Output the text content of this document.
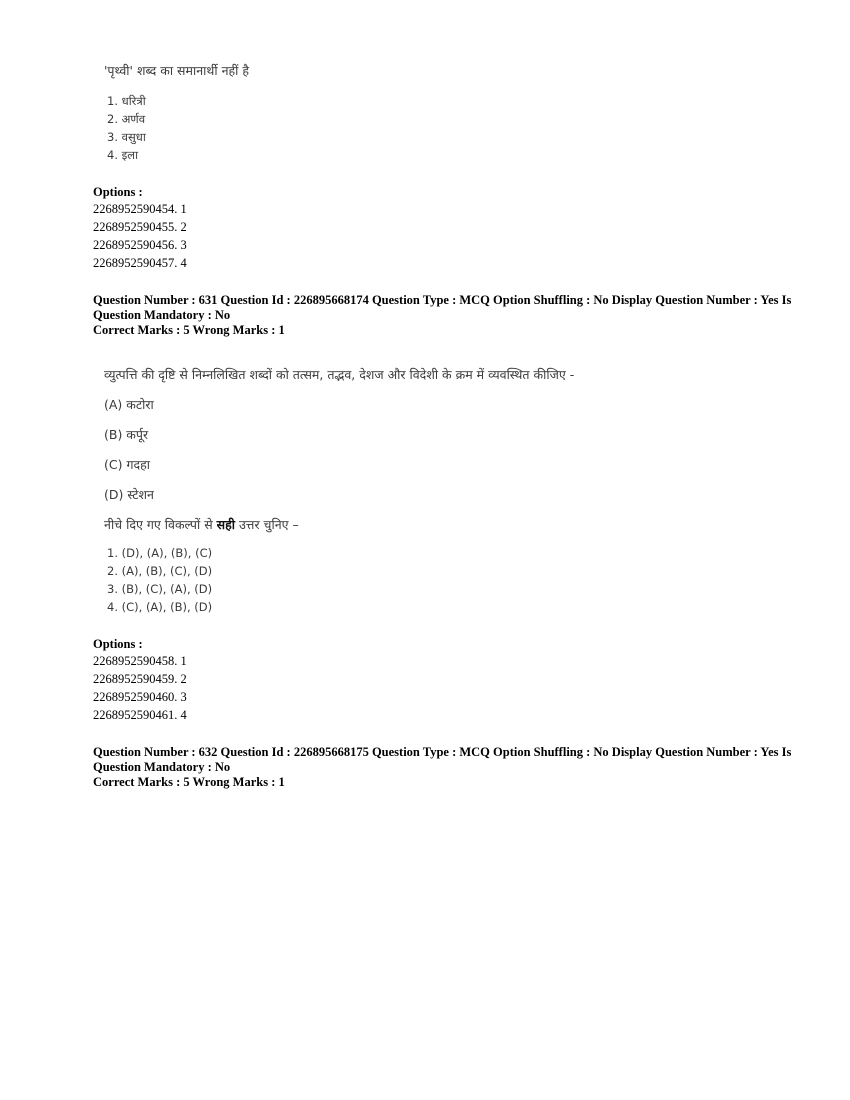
'पृथ्वी' शब्द का समानार्थी नहीं है
1. धरित्री
2. अर्णव
3. वसुधा
4. इला
Options :
2268952590454. 1
2268952590455. 2
2268952590456. 3
2268952590457. 4
Question Number : 631 Question Id : 226895668174 Question Type : MCQ Option Shuffling : No Display Question Number : Yes Is
Question Mandatory : No
Correct Marks : 5 Wrong Marks : 1
व्युत्पत्ति की दृष्टि से निम्नलिखित शब्दों को तत्सम, तद्भव, देशज और विदेशी के क्रम में व्यवस्थित कीजिए -
(A) कटोरा
(B) कर्पूर
(C) गदहा
(D) स्टेशन
नीचे दिए गए विकल्पों से सही उत्तर चुनिए –
1. (D), (A), (B), (C)
2. (A), (B), (C), (D)
3. (B), (C), (A), (D)
4. (C), (A), (B), (D)
Options :
2268952590458. 1
2268952590459. 2
2268952590460. 3
2268952590461. 4
Question Number : 632 Question Id : 226895668175 Question Type : MCQ Option Shuffling : No Display Question Number : Yes Is
Question Mandatory : No
Correct Marks : 5 Wrong Marks : 1
